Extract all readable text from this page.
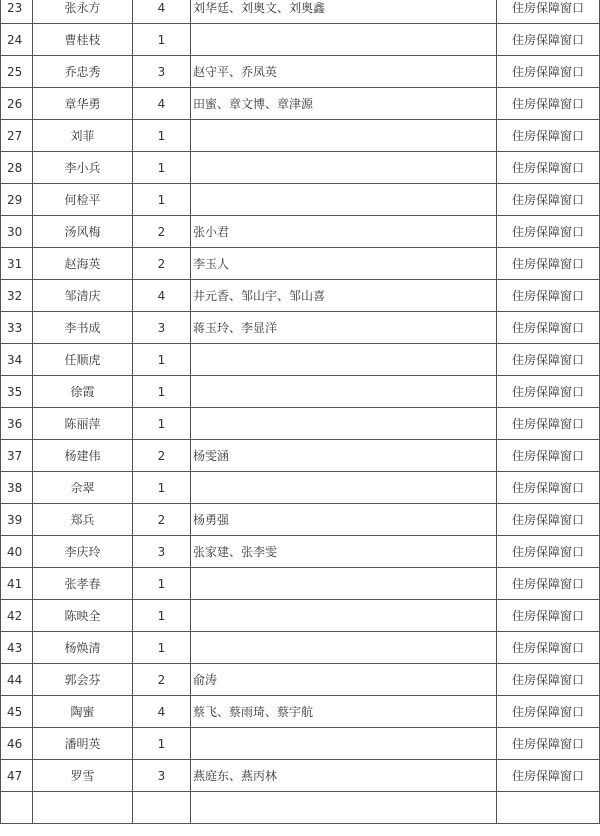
23	张永方	4	刘华廷、刘奥文、刘奥鑫	住房保障窗口
24	曹桂枝	1		住房保障窗口
25	乔忠秀	3	赵守平、乔凤英	住房保障窗口
26	章华勇	4	田蜜、章文博、章津源	住房保障窗口
27	刘菲	1		住房保障窗口
28	李小兵	1		住房保障窗口
29	何检平	1		住房保障窗口
30	汤风梅	2	张小君	住房保障窗口
31	赵海英	2	李玉人	住房保障窗口
32	邹清庆	4	井元香、邹山宇、邹山喜	住房保障窗口
33	李书成	3	蒋玉玲、李显洋	住房保障窗口
34	任顺虎	1		住房保障窗口
35	徐霞	1		住房保障窗口
36	陈丽萍	1		住房保障窗口
37	杨建伟	2	杨雯涵	住房保障窗口
38	佘翠	1		住房保障窗口
39	郑兵	2	杨勇强	住房保障窗口
40	李庆玲	3	张家建、张李雯	住房保障窗口
41	张孝春	1		住房保障窗口
42	陈映全	1		住房保障窗口
43	杨焕清	1		住房保障窗口
44	郭会芬	2	俞涛	住房保障窗口
45	陶蜜	4	蔡飞、蔡雨琦、蔡宇航	住房保障窗口
46	潘明英	1		住房保障窗口
47	罗雪	3	燕庭东、燕丙林	住房保障窗口
